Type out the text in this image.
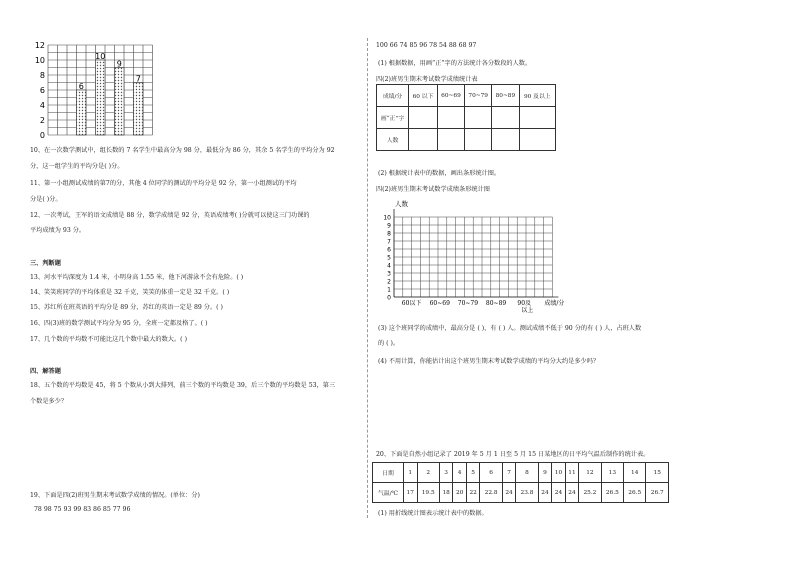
12
10
8
6
4
2
0
6
10
9
7
10、在一次数学测试中，组长数的 7 名学生中最高分为 98 分，最低分为 86 分，其余 5 名学生的平均分为 92
分，这一组学生的平均分是( )分。
11、第一小组测试成绩的第7的分，其他 4 位同学的测试的平均分是 92 分，第一小组测试的平均
分是( )分。
12、一次考试，王军的语文成绩是 88 分，数学成绩是 92 分，英语成绩考( )分就可以使这三门功课的
平均成绩为 93 分。
三、判断题
13、河水平均深度为 1.4 米，小明身高 1.55 米，他下河游泳不会有危险。( )
14、笑笑班同学的平均体重是 32 千克，笑笑的体重一定是 32 千克。( )
15、苏红所在班英语的平均分是 89 分，苏红的英语一定是 89 分。( )
16、四(3)班的数学测试平均分为 95 分，全班一定都及格了。( )
17、几个数的平均数不可能比这几个数中最大的数大。( )
四、解答题
18、五个数的平均数是 45，将 5 个数从小到大排列，前三个数的平均数是 39，后三个数的平均数是 53，第三
个数是多少？
19、下面是四(2)班男生期末考试数学成绩的情况。(单位：分)
78 98 75 93 99 83 86 85 77 96
100 66 74 85 96 78 54 88 68 97
(1) 根据数据，用画“正”字的方法统计各分数段的人数。
四(2)班男生期末考试数学成绩统计表
成绩/分	60 以下	60~69	70~79	80~89	90 及以上
画“正”字					
人数					
(2) 根据统计表中的数据，画出条形统计图。
四(2)班男生期末考试数学成绩条形统计图
人数
10
9
8
7
6
5
4
3
2
1
0
60以下 60~69 70~79 80~89 90及
以上
成绩/分
(3) 这个班同学的成绩中，最高分是 ( )，有 ( ) 人。测试成绩不低于 90 分的有 ( ) 人，占班人数
的 ( )。
(4) 不用计算，你能估计出这个班男生期末考试数学成绩的平均分大约是多少吗？
20、下面是自然小组记录了 2019 年 5 月 1 日至 5 月 15 日某地区的日平均气温后制作的统计表。
日期	1	2	3	4	5	6	7	8	9	10	11	12	13	14	15
气温/℃	17	19.5	18	20	22	22.8	24	23.8	24	24	24	25.2	26.5	26.5	26.7
(1) 用折线统计图表示统计表中的数据。
